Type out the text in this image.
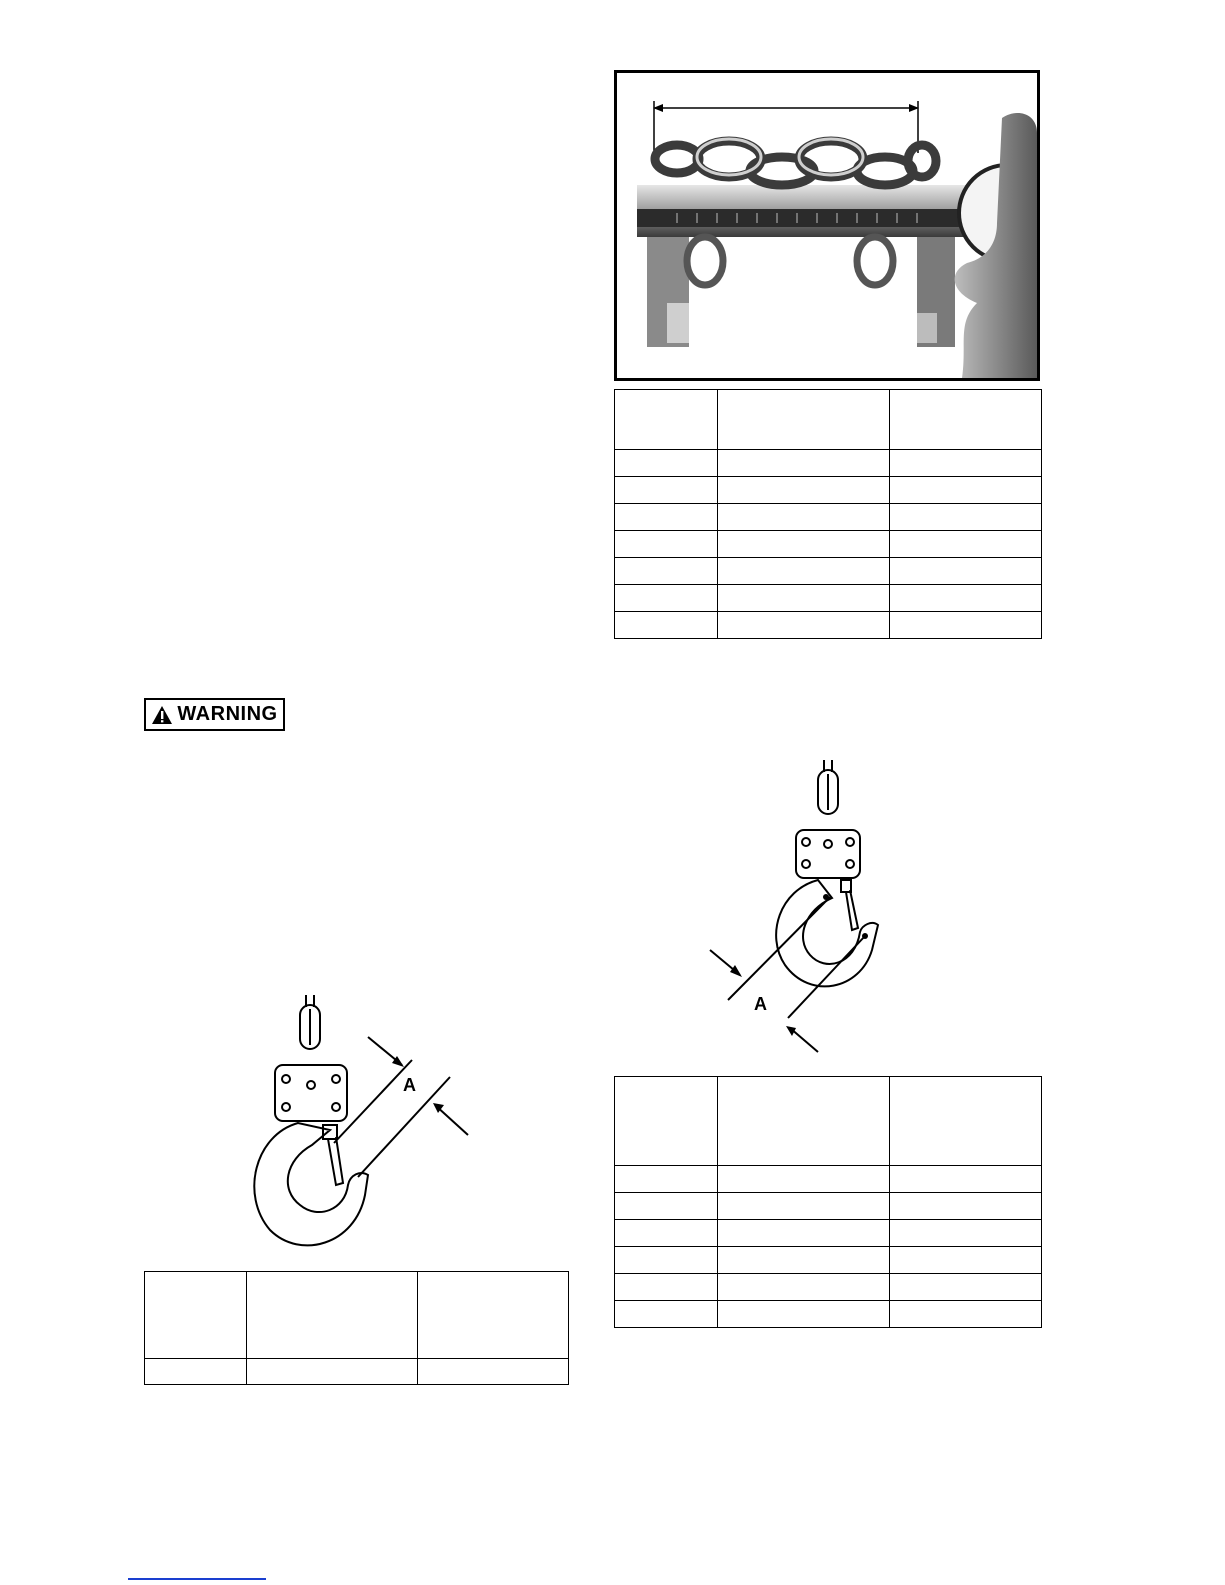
WARNING
A

A
